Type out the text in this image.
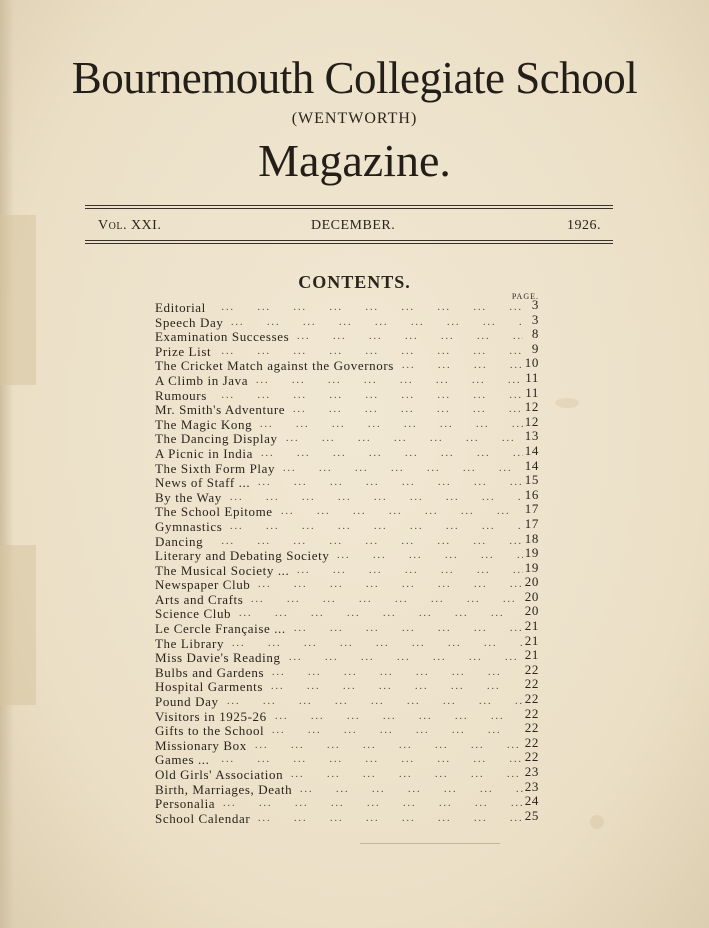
Bournemouth Collegiate School
(WENTWORTH)
Magazine.
Vol. XXI.	DECEMBER.	1926.
CONTENTS.
PAGE.
...
Editorial	3
...
Speech Day	3
...
Examination Successes	8
...
Prize List	9
...
The Cricket Match against the Governors	10
...
A Climb in Java	11
...
Rumours	11
...
Mr. Smith's Adventure	12
...
The Magic Kong	12
...
The Dancing Display	13
...
A Picnic in India	14
...
The Sixth Form Play	14
...
News of Staff ...	15
...
By the Way	16
...
The School Epitome	17
...
Gymnastics	17
...
Dancing	18
...
Literary and Debating Society	19
...
The Musical Society ...	19
...
Newspaper Club	20
...
Arts and Crafts	20
...
Science Club	20
...
Le Cercle Française ...	21
...
The Library	21
...
Miss Davie's Reading	21
...
Bulbs and Gardens	22
...
Hospital Garments	22
...
Pound Day	22
...
Visitors in 1925-26	22
...
Gifts to the School	22
...
Missionary Box	22
...
Games ...	22
...
Old Girls' Association	23
...
Birth, Marriages, Death	23
...
Personalia	24
...
School Calendar	25
